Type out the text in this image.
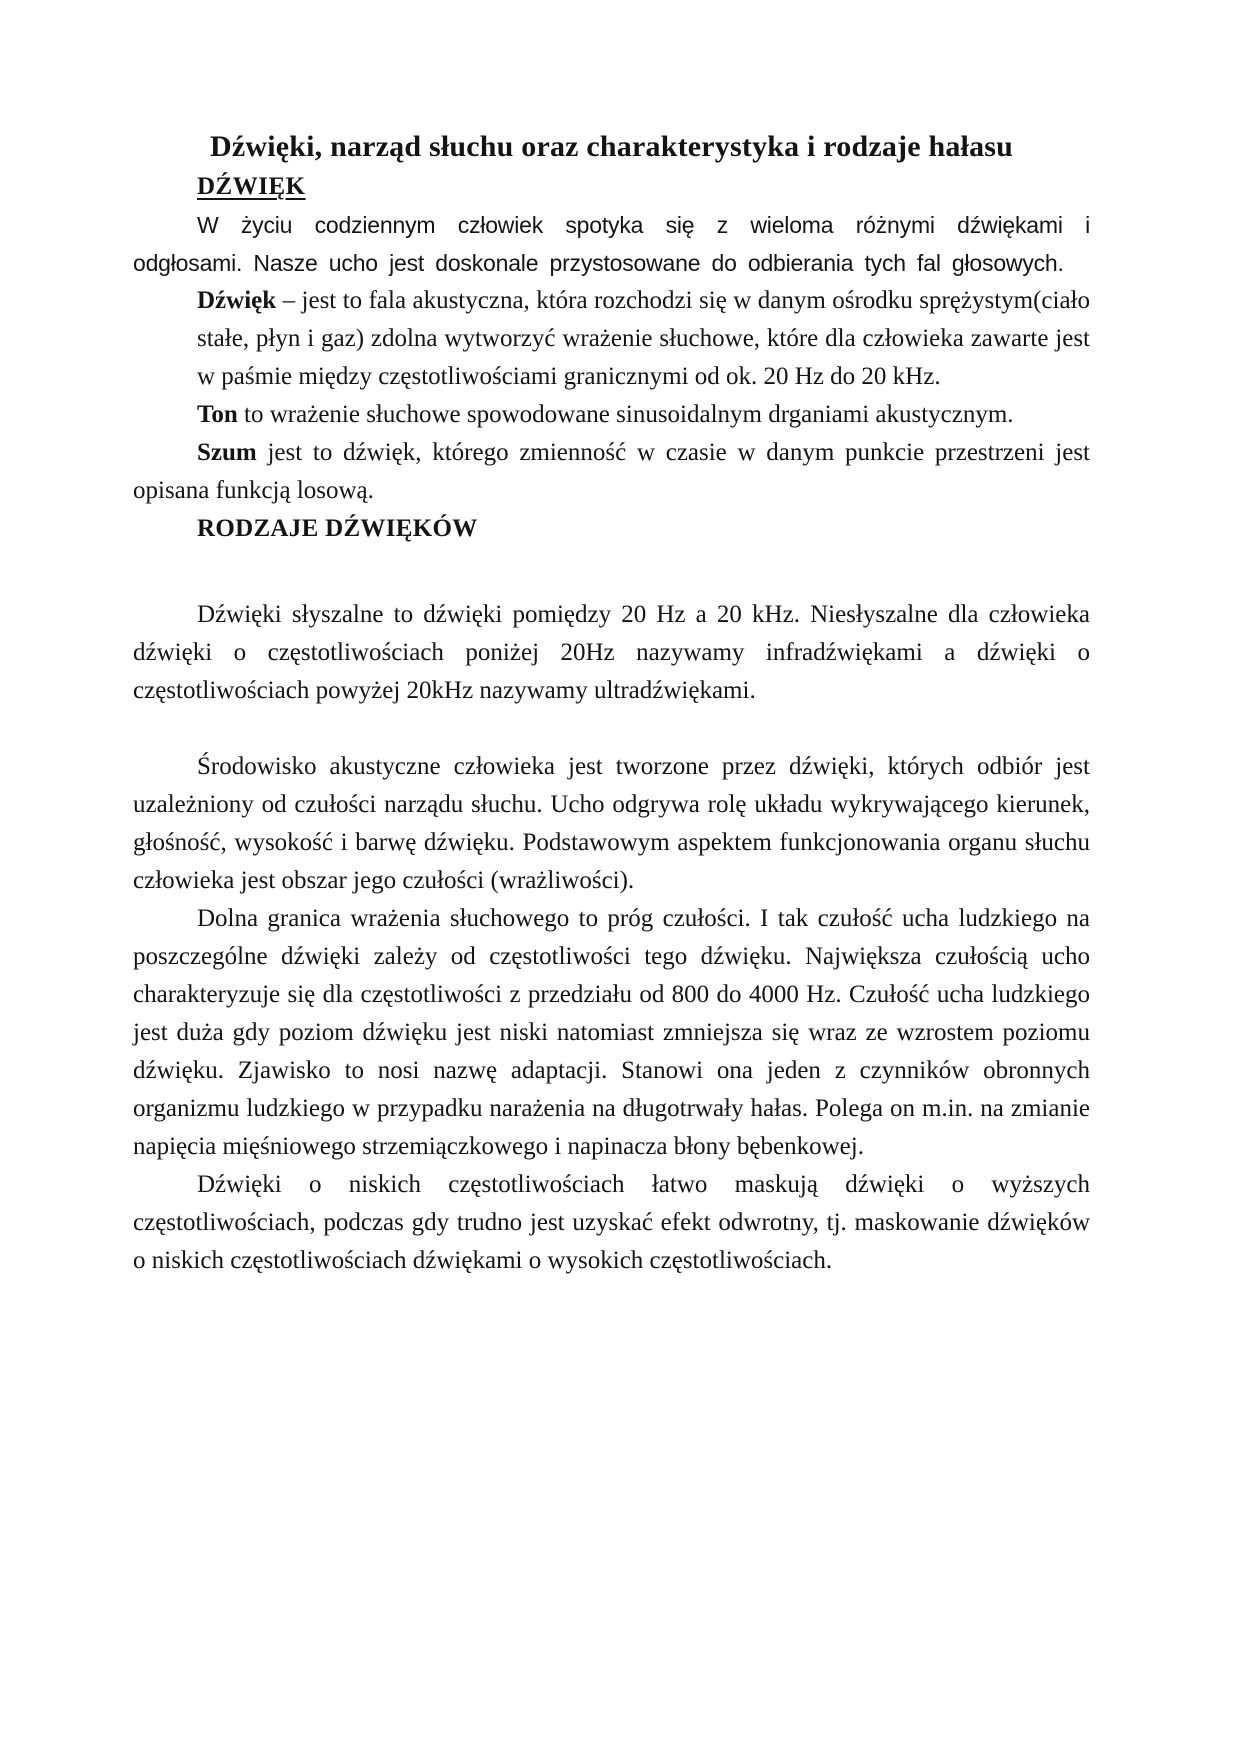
Dźwięki, narząd słuchu oraz charakterystyka i rodzaje hałasu
DŹWIĘK

W życiu codziennym człowiek spotyka się z wieloma różnymi dźwiękami i odgłosami. Nasze ucho jest doskonale przystosowane do odbierania tych fal głosowych.

Dźwięk – jest to fala akustyczna, która rozchodzi się w danym ośrodku sprężystym(ciało stałe, płyn i gaz) zdolna wytworzyć wrażenie słuchowe, które dla człowieka zawarte jest w paśmie między częstotliwościami granicznymi od ok. 20 Hz do 20 kHz.

Ton to wrażenie słuchowe spowodowane sinusoidalnym drganiami akustycznym.

Szum jest to dźwięk, którego zmienność w czasie w danym punkcie przestrzeni jest opisana funkcją losową.

RODZAJE DŹWIĘKÓW

Dźwięki słyszalne to dźwięki pomiędzy 20 Hz a 20 kHz. Niesłyszalne dla człowieka dźwięki o częstotliwościach poniżej 20Hz nazywamy infradźwiękami a dźwięki o częstotliwościach powyżej 20kHz nazywamy ultradźwiękami.

Środowisko akustyczne człowieka jest tworzone przez dźwięki, których odbiór jest uzależniony od czułości narządu słuchu. Ucho odgrywa rolę układu wykrywającego kierunek, głośność, wysokość i barwę dźwięku. Podstawowym aspektem funkcjonowania organu słuchu człowieka jest obszar jego czułości (wrażliwości).

Dolna granica wrażenia słuchowego to próg czułości. I tak czułość ucha ludzkiego na poszczególne dźwięki zależy od częstotliwości tego dźwięku. Największa czułością ucho charakteryzuje się dla częstotliwości z przedziału od 800 do 4000 Hz. Czułość ucha ludzkiego jest duża gdy poziom dźwięku jest niski natomiast zmniejsza się wraz ze wzrostem poziomu dźwięku. Zjawisko to nosi nazwę adaptacji. Stanowi ona jeden z czynników obronnych organizmu ludzkiego w przypadku narażenia na długotrwały hałas. Polega on m.in. na zmianie napięcia mięśniowego strzemiączkowego i napinacza błony bębenkowej.

Dźwięki o niskich częstotliwościach łatwo maskują dźwięki o wyższych częstotliwościach, podczas gdy trudno jest uzyskać efekt odwrotny, tj. maskowanie dźwięków o niskich częstotliwościach dźwiękami o wysokich częstotliwościach.
